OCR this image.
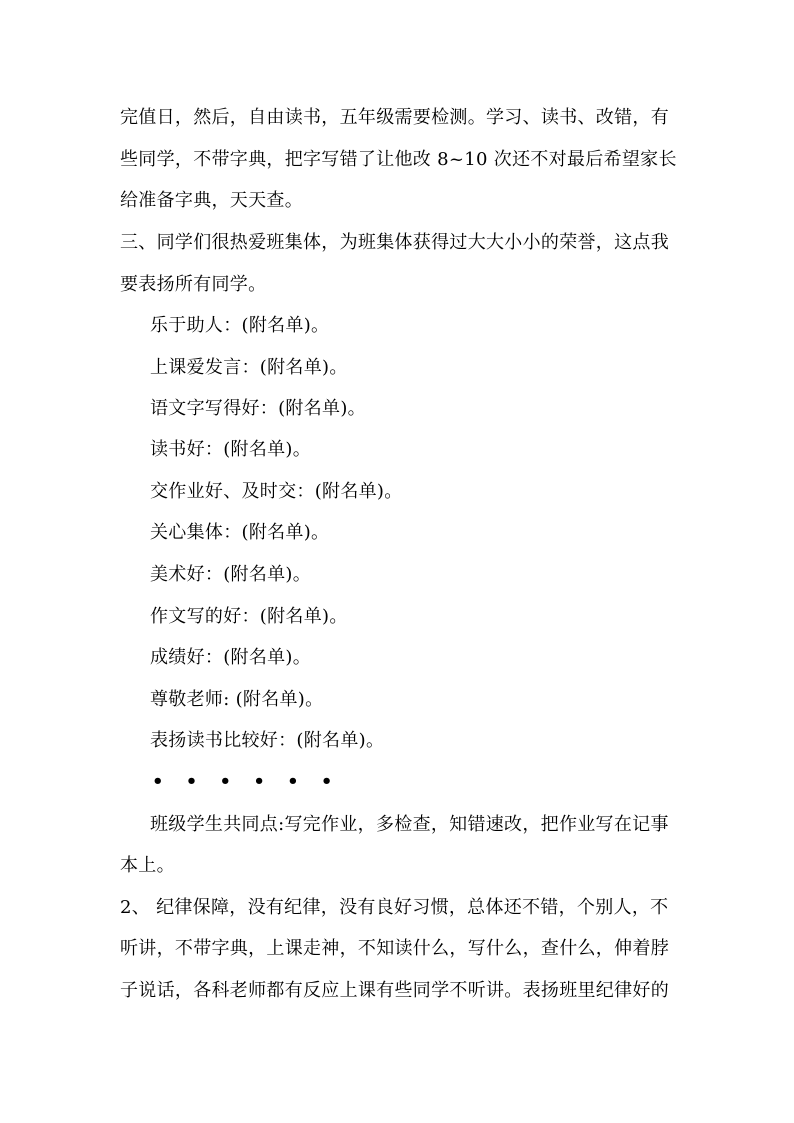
完值日，然后，自由读书，五年级需要检测。学习、读书、改错，有
些同学，不带字典，把字写错了让他改 8~10 次还不对最后希望家长
给准备字典，天天查。
三、同学们很热爱班集体，为班集体获得过大大小小的荣誉，这点我
要表扬所有同学。
乐于助人：(附名单)。
上课爱发言：(附名单)。
语文字写得好：(附名单)。
读书好：(附名单)。
交作业好、及时交：(附名单)。
关心集体：(附名单)。
美术好：(附名单)。
作文写的好：(附名单)。
成绩好：(附名单)。
尊敬老师: (附名单)。
表扬读书比较好：(附名单)。
• • • • • •
班级学生共同点:写完作业，多检查，知错速改，把作业写在记事
本上。
2、 纪律保障，没有纪律，没有良好习惯，总体还不错，个别人，不
听讲，不带字典，上课走神，不知读什么，写什么，查什么，伸着脖
子说话，各科老师都有反应上课有些同学不听讲。表扬班里纪律好的
